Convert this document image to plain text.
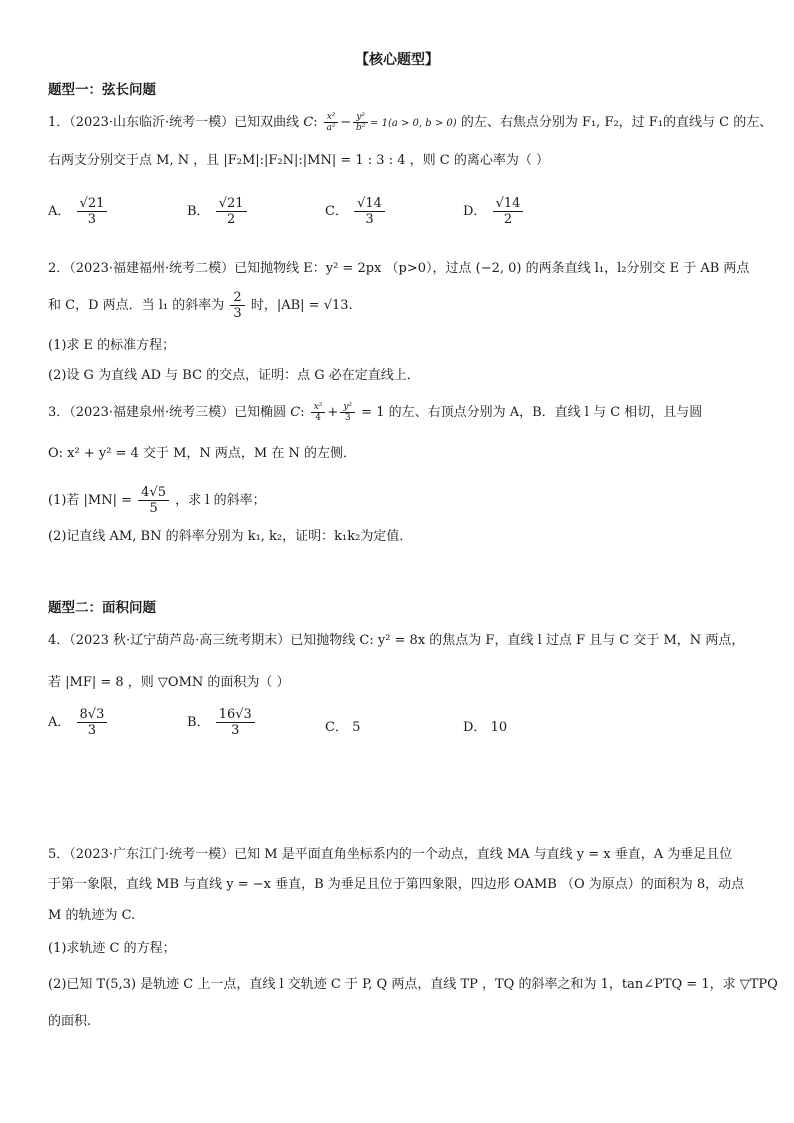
【核心题型】
题型一：弦长问题
1．（2023·山东临沂·统考一模）已知双曲线 C: $\frac{\text{x²}}{\text{a²}} - \frac{\text{y²}}{\text{b²}} = 1(a > 0$, b > 0) 的左、右焦点分别为 F₁, F₂，过 F₁的直线与 C 的左、
右两支分别交于点 M, N ，且 |F₂M|:|F₂N|:|MN| = 1 : 3 : 4 ，则 C 的离心率为（ ）
A． $\frac{√21}{3}$	B． $\frac{√21}{2}$	C． $\frac{√14}{3}$	D． $\frac{√14}{2}$
2．（2023·福建福州·统考二模）已知抛物线 E：y² = 2px （p>0），过点 (−2, 0) 的两条直线 l₁，l₂分别交 E 于 AB 两点
和 C，D 两点．当 l₁ 的斜率为 $\frac{2}{3}$ 时，|AB| = √13.
(1)求 E 的标准方程；
(2)设 G 为直线 AD 与 BC 的交点，证明：点 G 必在定直线上．
3．（2023·福建泉州·统考三模）已知椭圆 C: $\frac{\text{x²}}{4} + \frac{\text{y²}}{3} = 1$ 的左、右顶点分别为 A，B．直线 l 与 C 相切，且与圆
O: x² + y² = 4 交于 M，N 两点，M 在 N 的左侧．
(1)若 $|MN| = \frac{4√5}{5}$ ，求 l 的斜率；
(2)记直线 AM, BN 的斜率分别为 k₁, k₂，证明：k₁k₂为定值．
题型二：面积问题
4．（2023 秋·辽宁葫芦岛·高三统考期末）已知抛物线 C: y² = 8x 的焦点为 F，直线 l 过点 F 且与 C 交于 M，N 两点，
若 |MF| = 8 ，则 ▽OMN 的面积为（ ）
A． $\frac{8√3}{3}$	B． $\frac{16√3}{3}$	C． 5	D． 10
5．（2023·广东江门·统考一模）已知 M 是平面直角坐标系内的一个动点，直线 MA 与直线 y = x 垂直，A 为垂足且位
于第一象限，直线 MB 与直线 y = −x 垂直，B 为垂足且位于第四象限，四边形 OAMB （O 为原点）的面积为 8，动点
M 的轨迹为 C.
(1)求轨迹 C 的方程；
(2)已知 T(5,3) 是轨迹 C 上一点，直线 l 交轨迹 C 于 P, Q 两点，直线 TP ，TQ 的斜率之和为 1，tan∠PTQ = 1，求 ▽TPQ
的面积.
